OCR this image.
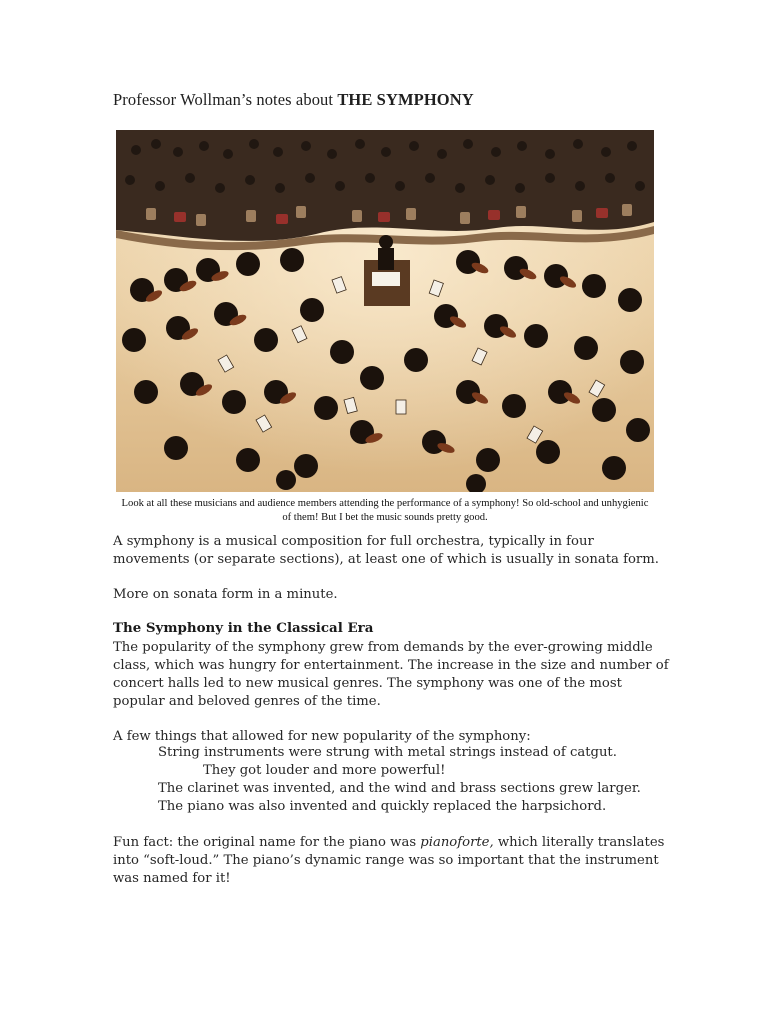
Professor Wollman’s notes about THE SYMPHONY
Look at all these musicians and audience members attending the performance of a symphony! So old-school and unhygienic of them! But I bet the music sounds pretty good.

A symphony is a musical composition for full orchestra, typically in four movements (or separate sections), at least one of which is usually in sonata form.

More on sonata form in a minute.

The Symphony in the Classical Era

The popularity of the symphony grew from demands by the ever-growing middle class, which was hungry for entertainment. The increase in the size and number of concert halls led to new musical genres. The symphony was one of the most popular and beloved genres of the time.

A few things that allowed for new popularity of the symphony:

String instruments were strung with metal strings instead of catgut.
They got louder and more powerful!
The clarinet was invented, and the wind and brass sections grew larger.
The piano was also invented and quickly replaced the harpsichord.

Fun fact: the original name for the piano was pianoforte, which literally translates into “soft-loud.” The piano’s dynamic range was so important that the instrument was named for it!
